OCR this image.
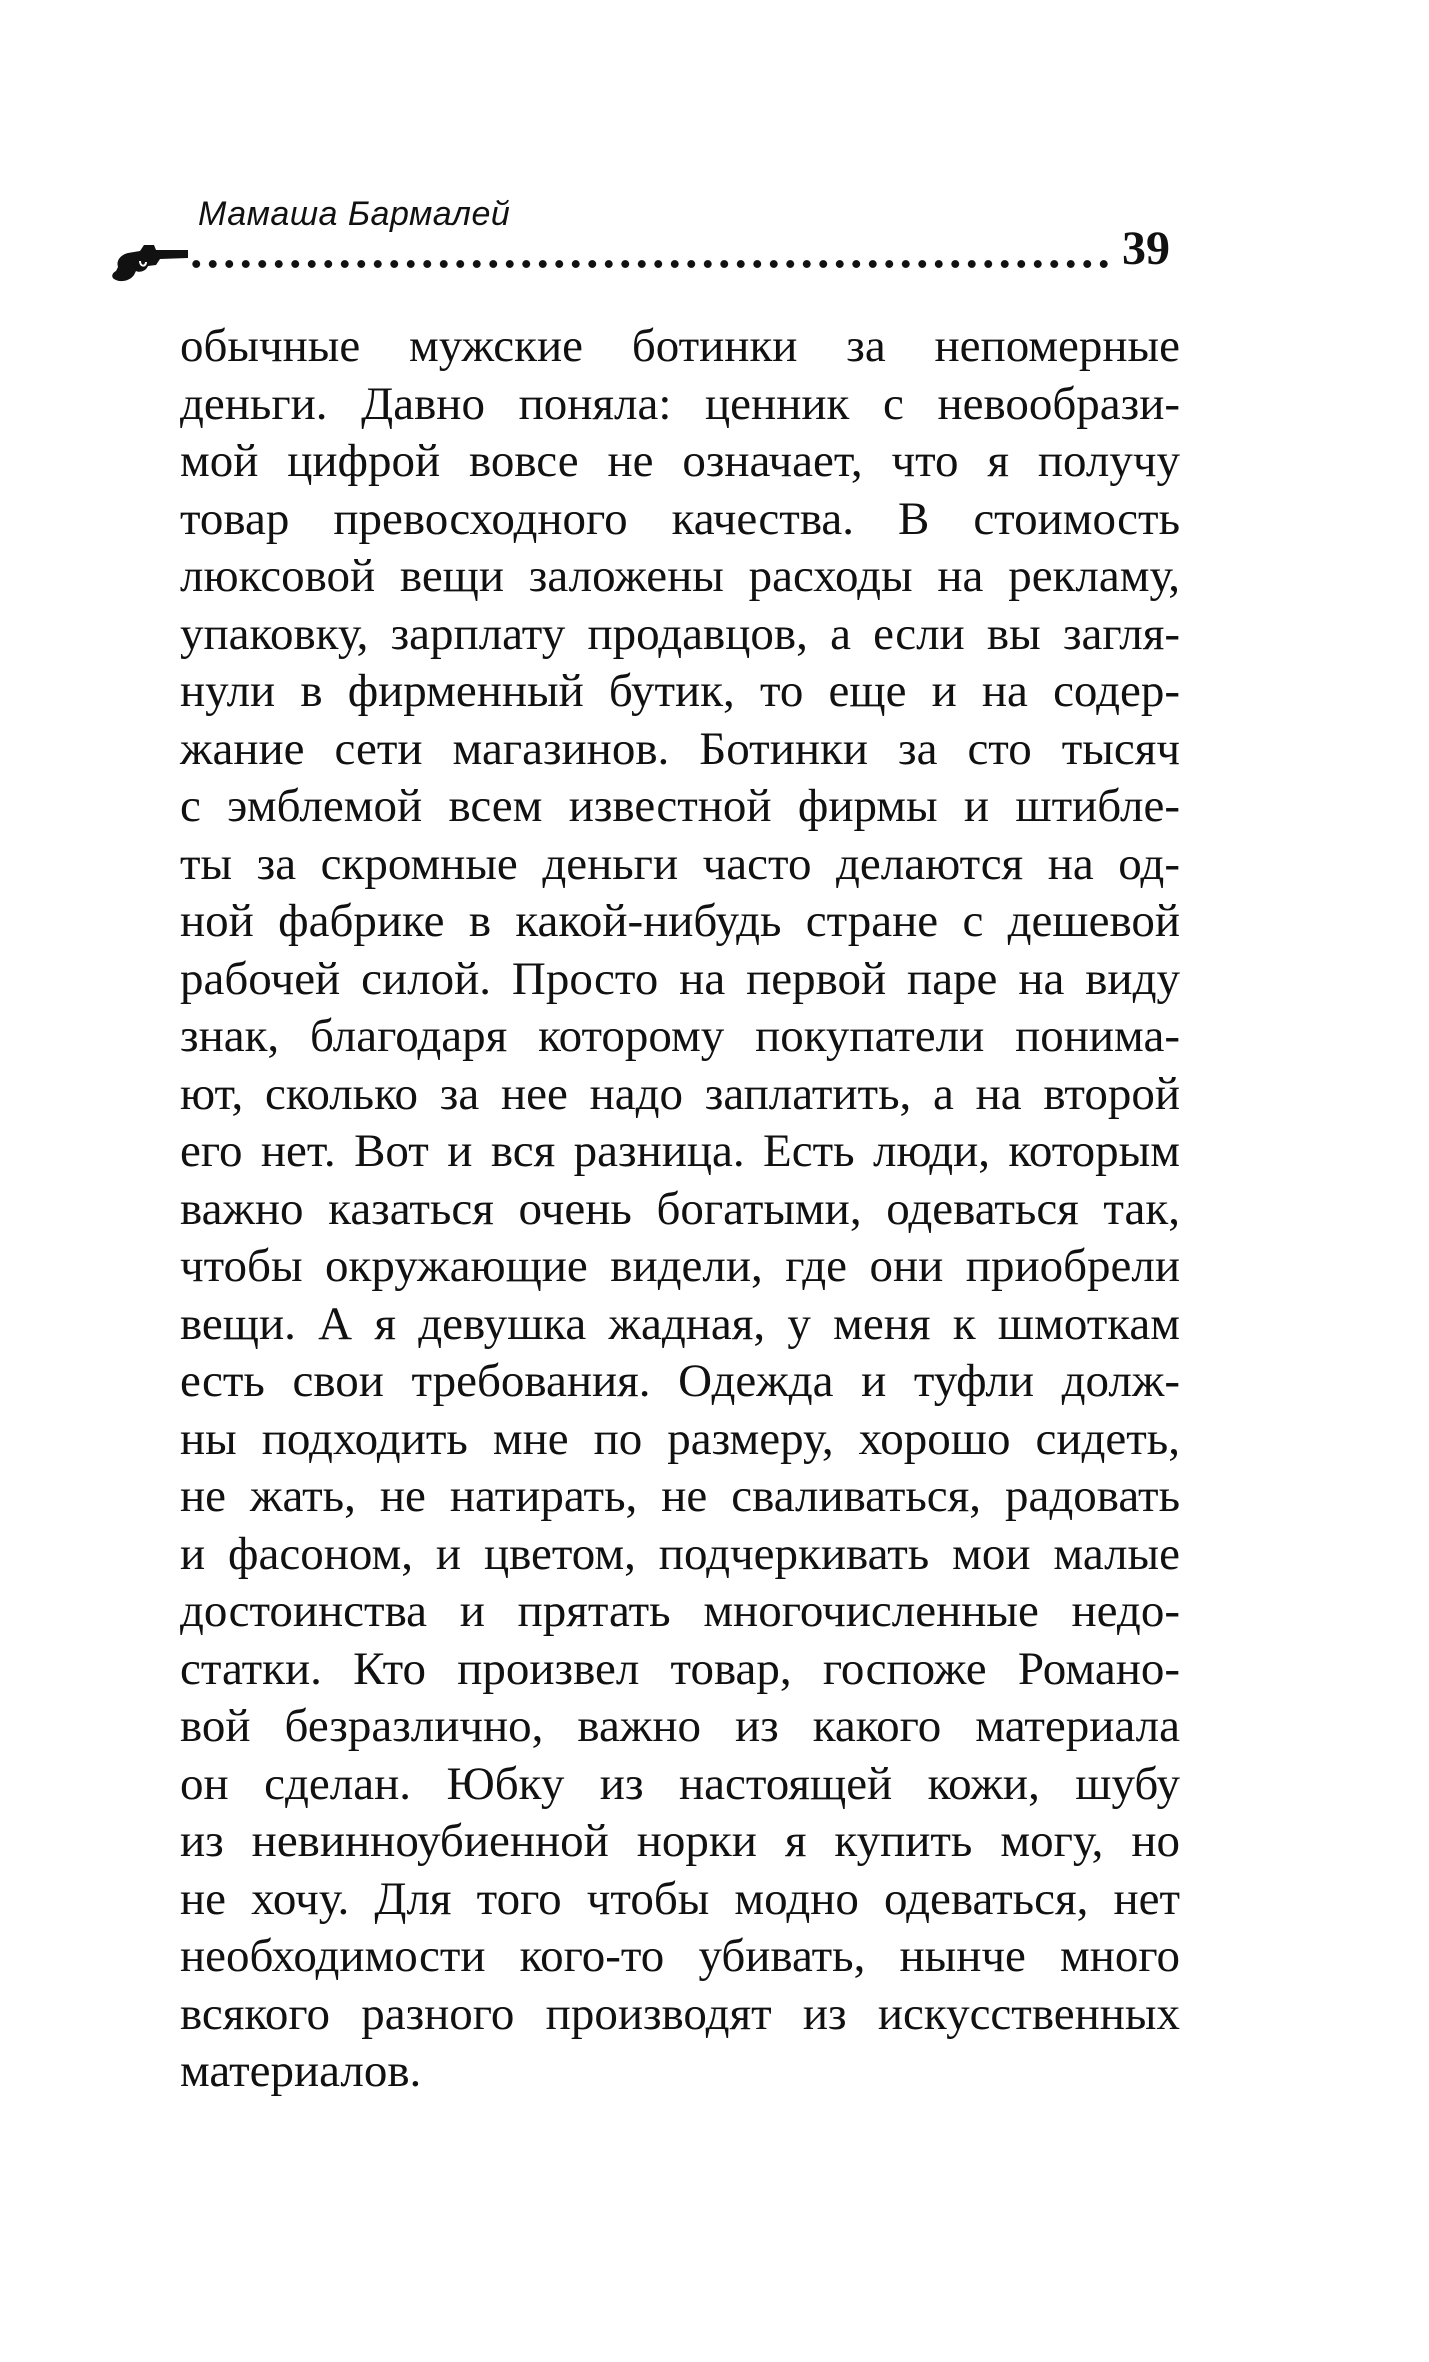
Мамаша Бармалей
39
обычные мужские ботинки за непомерные
деньги. Давно поняла: ценник с невообрази-
мой цифрой вовсе не означает, что я получу
товар превосходного качества. В стоимость
люксовой вещи заложены расходы на рекламу,
упаковку, зарплату продавцов, а если вы загля-
нули в фирменный бутик, то еще и на содер-
жание сети магазинов. Ботинки за сто тысяч
с эмблемой всем известной фирмы и штибле-
ты за скромные деньги часто делаются на од-
ной фабрике в какой-нибудь стране с дешевой
рабочей силой. Просто на первой паре на виду
знак, благодаря которому покупатели понима-
ют, сколько за нее надо заплатить, а на второй
его нет. Вот и вся разница. Есть люди, которым
важно казаться очень богатыми, одеваться так,
чтобы окружающие видели, где они приобрели
вещи. А я девушка жадная, у меня к шмоткам
есть свои требования. Одежда и туфли долж-
ны подходить мне по размеру, хорошо сидеть,
не жать, не натирать, не сваливаться, радовать
и фасоном, и цветом, подчеркивать мои малые
достоинства и прятать многочисленные недо-
статки. Кто произвел товар, госпоже Романо-
вой безразлично, важно из какого материала
он сделан. Юбку из настоящей кожи, шубу
из невинноубиенной норки я купить могу, но
не хочу. Для того чтобы модно одеваться, нет
необходимости кого-то убивать, нынче много
всякого разного производят из искусственных
материалов.
